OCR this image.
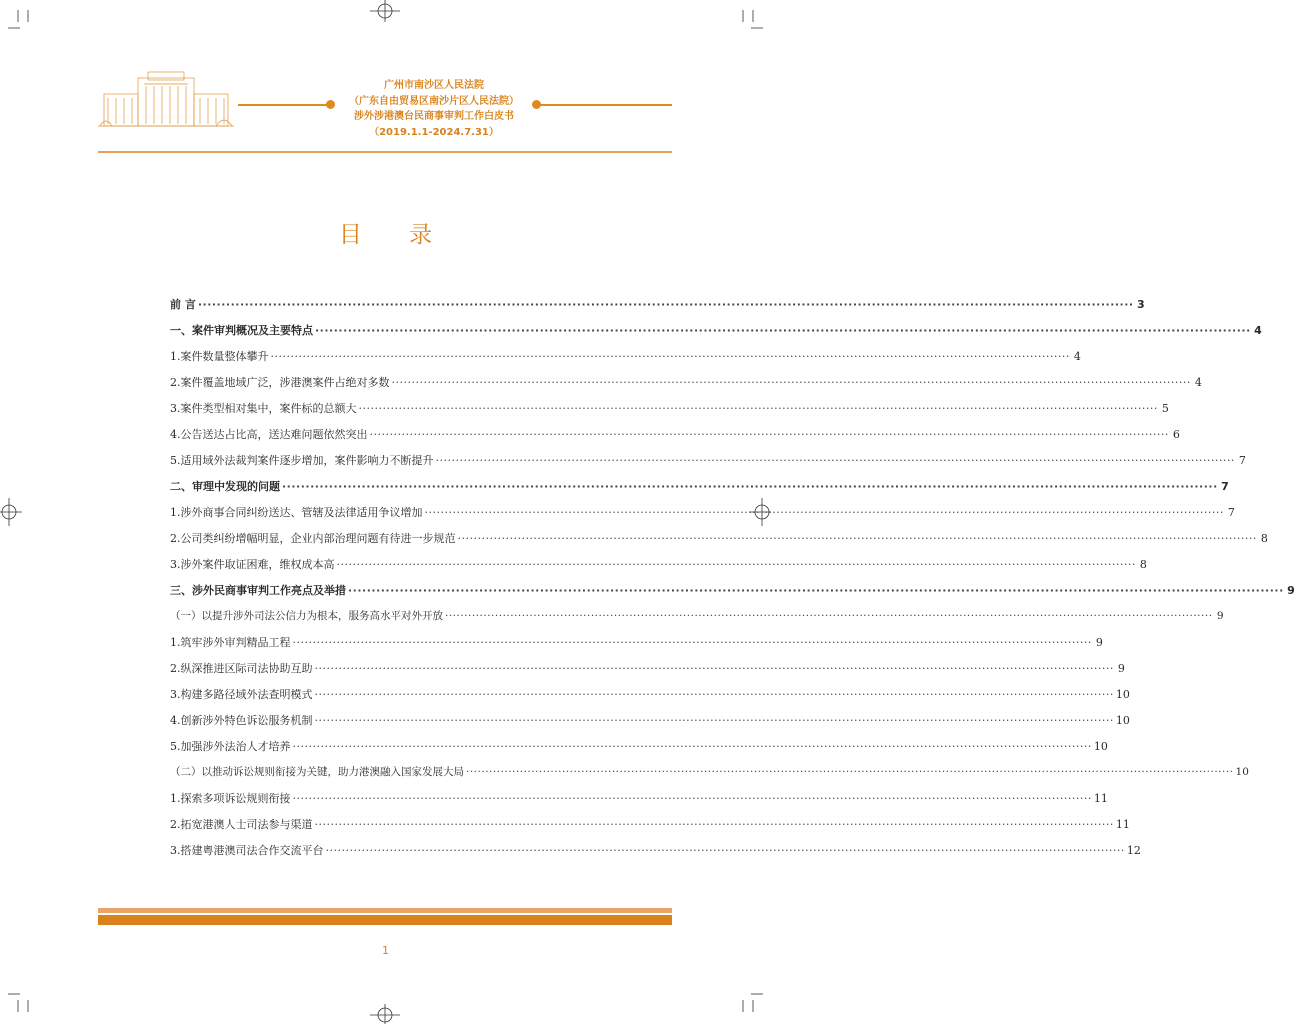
广州市南沙区人民法院
（广东自由贸易区南沙片区人民法院）
涉外涉港澳台民商事审判工作白皮书
（2019.1.1-2024.7.31）
目 录
前 言 ········································································································································································································ 3
一、案件审判概况及主要特点 ········································································································································································································ 4
1.案件数量整体攀升 ········································································································································································································ 4
2.案件覆盖地域广泛，涉港澳案件占绝对多数 ········································································································································································································ 4
3.案件类型相对集中，案件标的总额大 ········································································································································································································ 5
4.公告送达占比高，送达难问题依然突出 ········································································································································································································ 6
5.适用域外法裁判案件逐步增加，案件影响力不断提升 ········································································································································································································ 7
二、审理中发现的问题 ········································································································································································································ 7
1.涉外商事合同纠纷送达、管辖及法律适用争议增加 ········································································································································································································ 7
2.公司类纠纷增幅明显，企业内部治理问题有待进一步规范 ········································································································································································································ 8
3.涉外案件取证困难，维权成本高 ········································································································································································································ 8
三、涉外民商事审判工作亮点及举措 ········································································································································································································ 9
（一）以提升涉外司法公信力为根本，服务高水平对外开放 ········································································································································································································ 9
1.筑牢涉外审判精品工程 ········································································································································································································ 9
2.纵深推进区际司法协助互助 ········································································································································································································ 9
3.构建多路径域外法查明模式 ········································································································································································································ 10
4.创新涉外特色诉讼服务机制 ········································································································································································································ 10
5.加强涉外法治人才培养 ········································································································································································································ 10
（二）以推动诉讼规则衔接为关键，助力港澳融入国家发展大局 ········································································································································································································ 10
1.探索多项诉讼规则衔接 ········································································································································································································ 11
2.拓宽港澳人士司法参与渠道 ········································································································································································································ 11
3.搭建粤港澳司法合作交流平台 ········································································································································································································ 12
1
